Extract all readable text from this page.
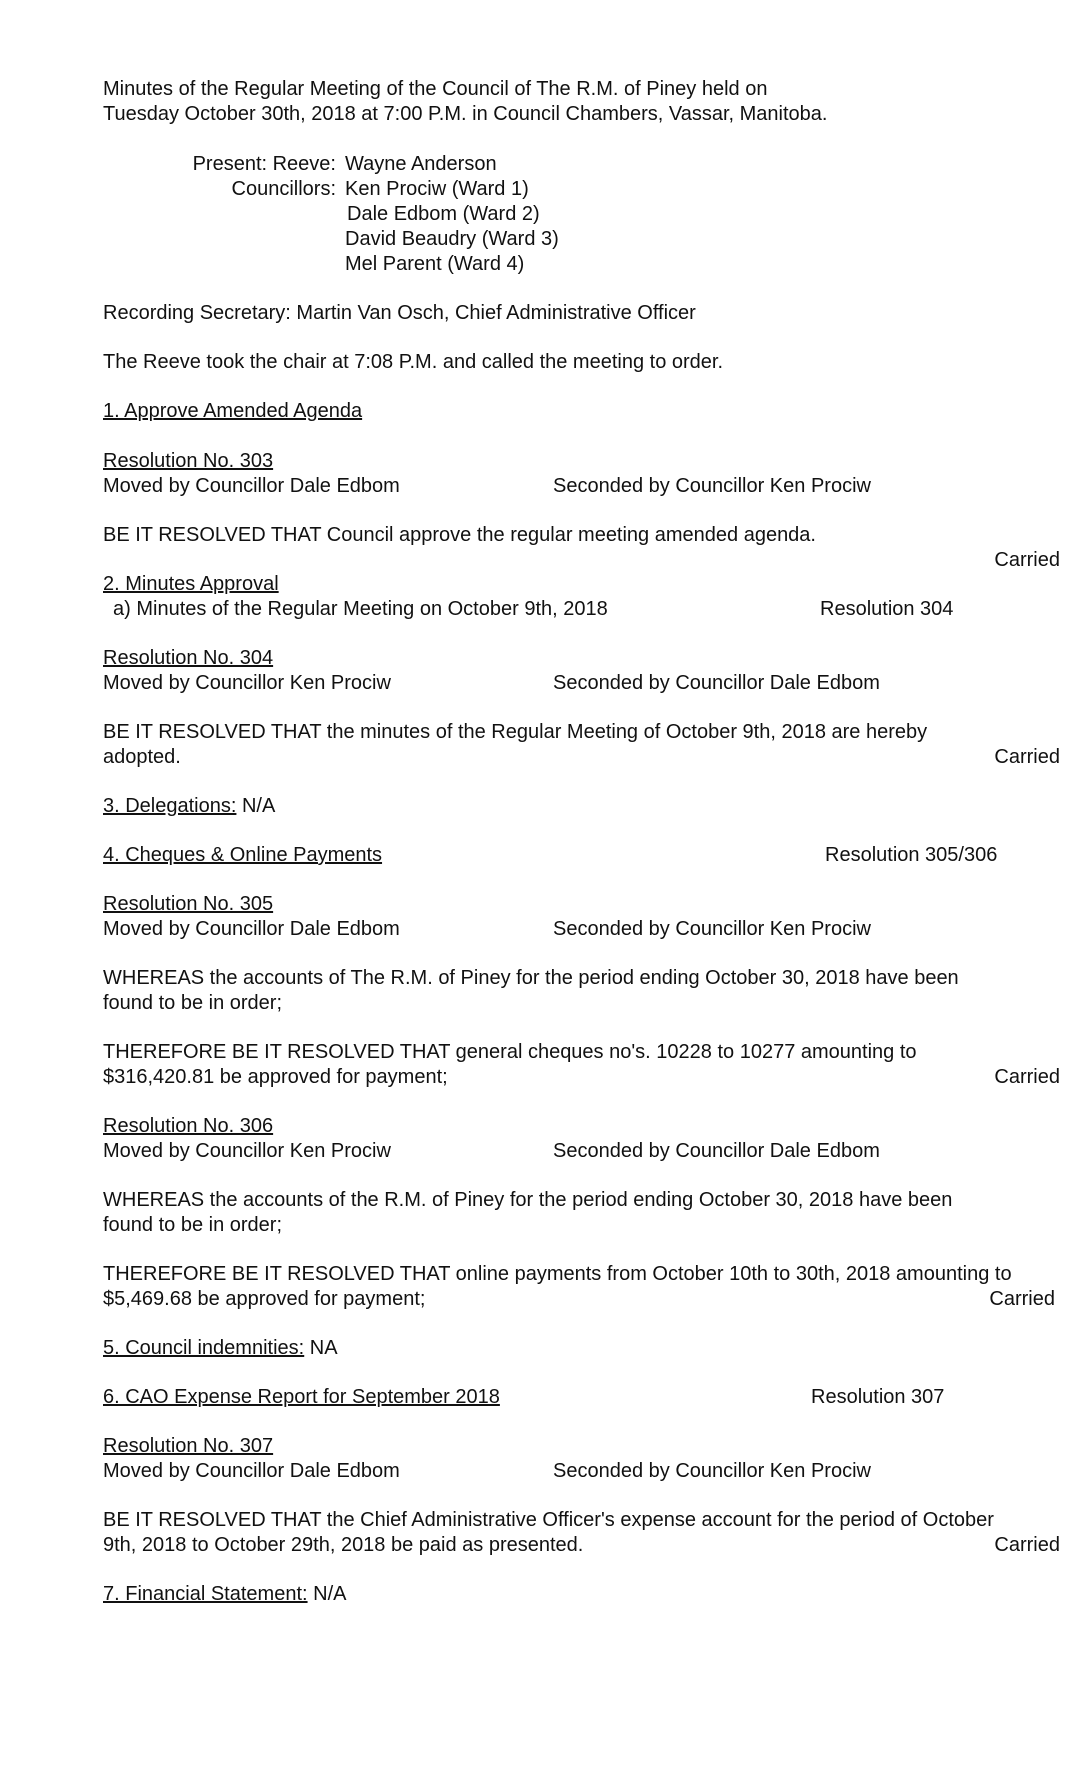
Minutes of the Regular Meeting of the Council of The R.M. of Piney held on
Tuesday October 30th, 2018 at 7:00 P.M. in Council Chambers, Vassar, Manitoba.
Present: Reeve: Wayne Anderson
Councillors: Ken Prociw (Ward 1)
Dale Edbom (Ward 2)
David Beaudry (Ward 3)
Mel Parent (Ward 4)
Recording Secretary: Martin Van Osch, Chief Administrative Officer
The Reeve took the chair at 7:08 P.M. and called the meeting to order.
1. Approve Amended Agenda
Resolution No. 303
Moved by Councillor Dale Edbom	Seconded by Councillor Ken Prociw
BE IT RESOLVED THAT Council approve the regular meeting amended agenda.
Carried
2. Minutes Approval
a) Minutes of the Regular Meeting on October 9th, 2018	Resolution 304
Resolution No. 304
Moved by Councillor Ken Prociw	Seconded by Councillor Dale Edbom
BE IT RESOLVED THAT the minutes of the Regular Meeting of October 9th, 2018 are hereby
adopted.	Carried
3. Delegations: N/A
4. Cheques & Online Payments	Resolution 305/306
Resolution No. 305
Moved by Councillor Dale Edbom	Seconded by Councillor Ken Prociw
WHEREAS the accounts of The R.M. of Piney for the period ending October 30, 2018 have been
found to be in order;
THEREFORE BE IT RESOLVED THAT general cheques no's. 10228 to 10277 amounting to
$316,420.81 be approved for payment;	Carried
Resolution No. 306
Moved by Councillor Ken Prociw	Seconded by Councillor Dale Edbom
WHEREAS the accounts of the R.M. of Piney for the period ending October 30, 2018 have been
found to be in order;
THEREFORE BE IT RESOLVED THAT online payments from October 10th to 30th, 2018 amounting to
$5,469.68 be approved for payment;	Carried
5. Council indemnities: NA
6. CAO Expense Report for September 2018	Resolution 307
Resolution No. 307
Moved by Councillor Dale Edbom	Seconded by Councillor Ken Prociw
BE IT RESOLVED THAT the Chief Administrative Officer's expense account for the period of October
9th, 2018 to October 29th, 2018 be paid as presented.	Carried
7. Financial Statement: N/A
